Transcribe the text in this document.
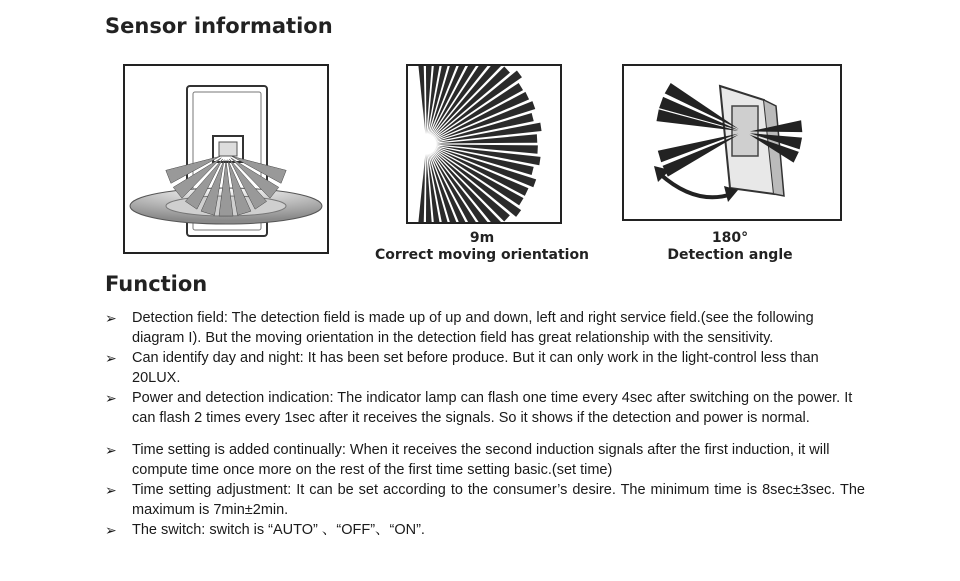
Sensor information
9m
Correct moving orientation
180°
Detection angle
Function
➢ Detection field: The detection field is made up of up and down, left and right service field.(see the following diagram I). But the moving orientation in the detection field has great relationship with the sensitivity.
➢ Can identify day and night: It has been set before produce. But it can only work in the light-control less than 20LUX.
➢ Power and detection indication: The indicator lamp can flash one time every 4sec after switching on the power. It can flash 2 times every 1sec after it receives the signals. So it shows if the detection and power is normal.
➢ Time setting is added continually: When it receives the second induction signals after the first induction, it will compute time once more on the rest of the first time setting basic.(set time)
➢ Time setting adjustment: It can be set according to the consumer’s desire. The minimum time is 8sec±3sec. The maximum is 7min±2min.
➢ The switch: switch is “AUTO” 、“OFF”、“ON”.
